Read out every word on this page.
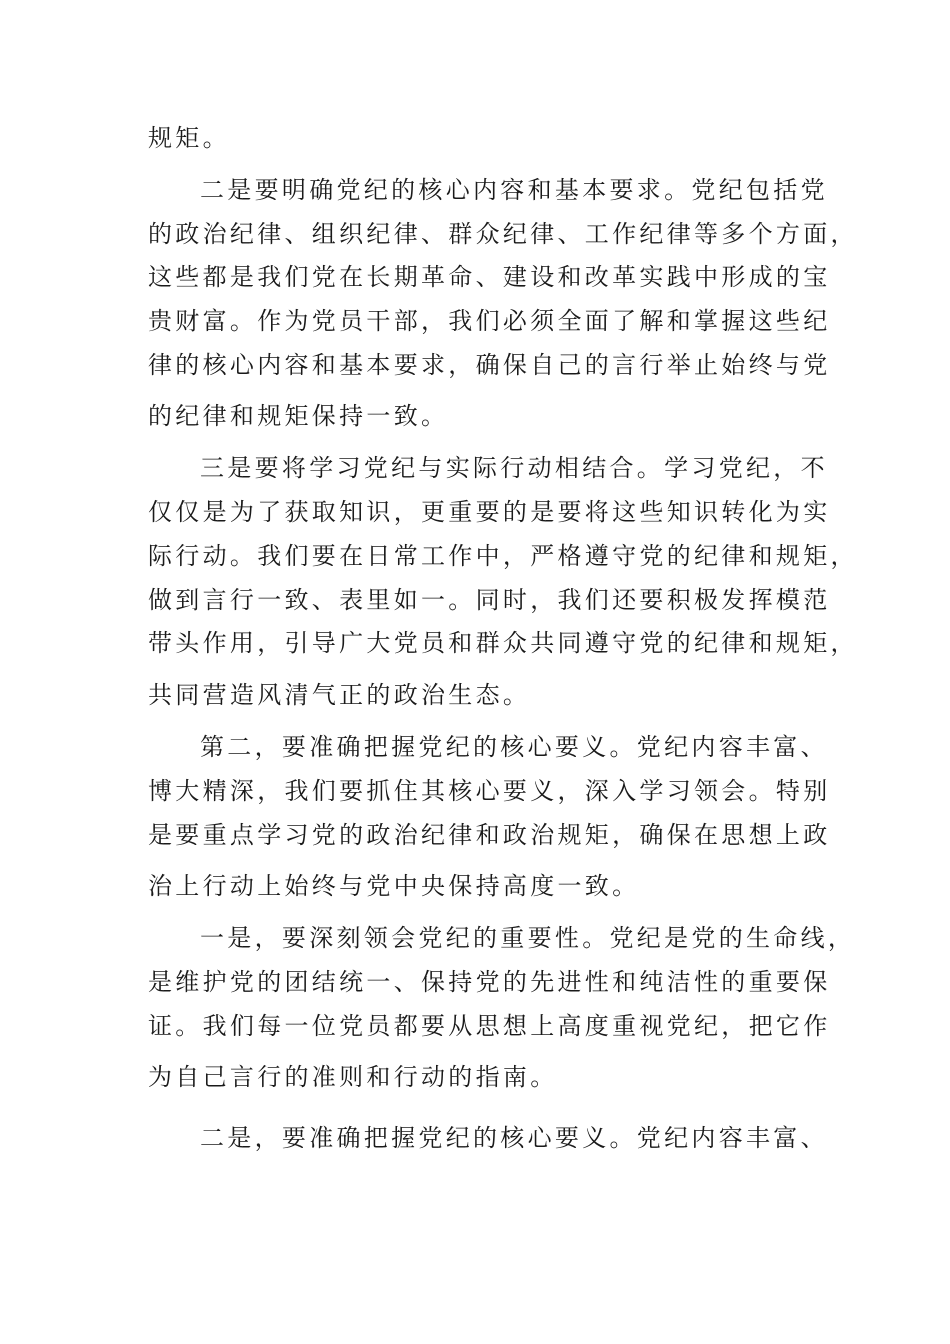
规矩。
二是要明确党纪的核心内容和基本要求。党纪包括党
的政治纪律、组织纪律、群众纪律、工作纪律等多个方面，
这些都是我们党在长期革命、建设和改革实践中形成的宝
贵财富。作为党员干部，我们必须全面了解和掌握这些纪
律的核心内容和基本要求，确保自己的言行举止始终与党
的纪律和规矩保持一致。
三是要将学习党纪与实际行动相结合。学习党纪，不
仅仅是为了获取知识，更重要的是要将这些知识转化为实
际行动。我们要在日常工作中，严格遵守党的纪律和规矩，
做到言行一致、表里如一。同时，我们还要积极发挥模范
带头作用，引导广大党员和群众共同遵守党的纪律和规矩，
共同营造风清气正的政治生态。
第二，要准确把握党纪的核心要义。党纪内容丰富、
博大精深，我们要抓住其核心要义，深入学习领会。特别
是要重点学习党的政治纪律和政治规矩，确保在思想上政
治上行动上始终与党中央保持高度一致。
一是，要深刻领会党纪的重要性。党纪是党的生命线，
是维护党的团结统一、保持党的先进性和纯洁性的重要保
证。我们每一位党员都要从思想上高度重视党纪，把它作
为自己言行的准则和行动的指南。
二是，要准确把握党纪的核心要义。党纪内容丰富、
